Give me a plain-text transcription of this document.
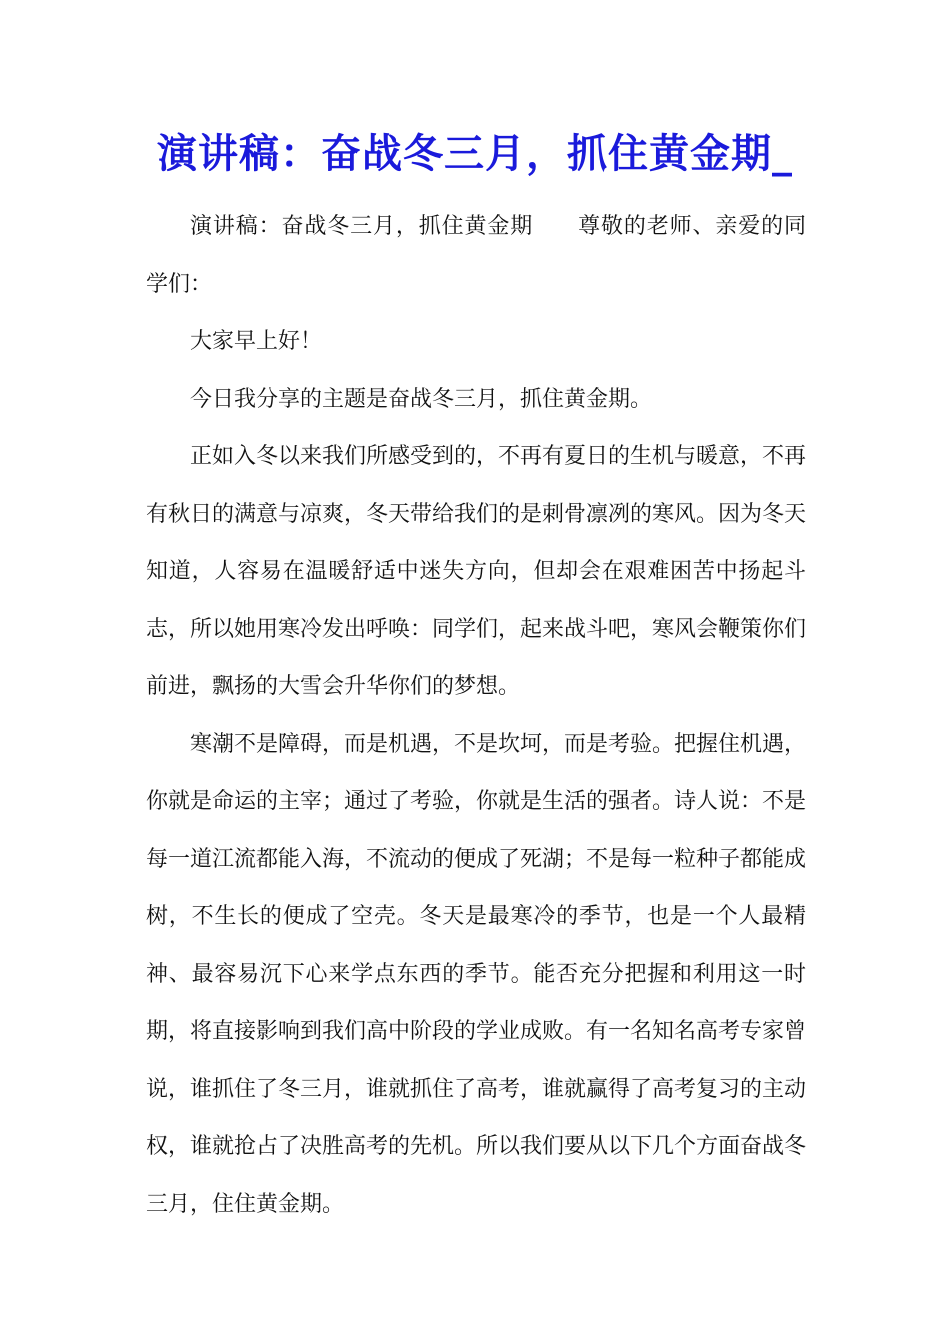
演讲稿：奋战冬三月，抓住黄金期_

演讲稿：奋战冬三月，抓住黄金期 尊敬的老师、亲爱的同学们：

大家早上好！

今日我分享的主题是奋战冬三月，抓住黄金期。

正如入冬以来我们所感受到的，不再有夏日的生机与暖意，不再有秋日的满意与凉爽，冬天带给我们的是刺骨凛冽的寒风。因为冬天知道，人容易在温暖舒适中迷失方向，但却会在艰难困苦中扬起斗志，所以她用寒冷发出呼唤：同学们，起来战斗吧，寒风会鞭策你们前进，飘扬的大雪会升华你们的梦想。

寒潮不是障碍，而是机遇，不是坎坷，而是考验。把握住机遇，你就是命运的主宰；通过了考验，你就是生活的强者。诗人说：不是每一道江流都能入海，不流动的便成了死湖；不是每一粒种子都能成树，不生长的便成了空壳。冬天是最寒冷的季节，也是一个人最精神、最容易沉下心来学点东西的季节。能否充分把握和利用这一时期，将直接影响到我们高中阶段的学业成败。有一名知名高考专家曾说，谁抓住了冬三月，谁就抓住了高考，谁就赢得了高考复习的主动权，谁就抢占了决胜高考的先机。所以我们要从以下几个方面奋战冬三月，住住黄金期。
